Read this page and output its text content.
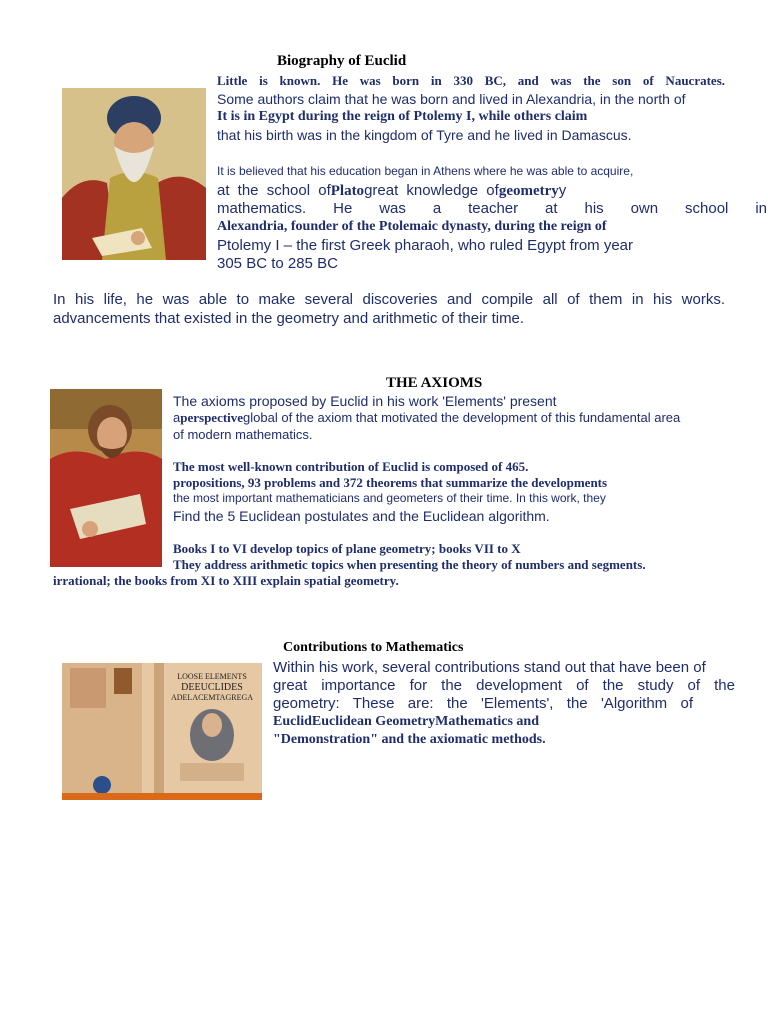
Biography of Euclid
Little is known. He was born in 330 BC, and was the son of Naucrates.
Some authors claim that he was born and lived in Alexandria, in the north of
It is in Egypt during the reign of Ptolemy I, while others claim
that his birth was in the kingdom of Tyre and he lived in Damascus.
It is believed that his education began in Athens where he was able to acquire,
at the school ofPlatogreat knowledge ofgeometryy
mathematics. He was a teacher at his own school in
Alexandria, founder of the Ptolemaic dynasty, during the reign of
Ptolemy I – the first Greek pharaoh, who ruled Egypt from year
305 BC to 285 BC
In his life, he was able to make several discoveries and compile all of them in his works.
advancements that existed in the geometry and arithmetic of their time.
THE AXIOMS
The axioms proposed by Euclid in his work 'Elements' present
aperspectiveglobal of the axiom that motivated the development of this fundamental area
of modern mathematics.
The most well-known contribution of Euclid is composed of 465.
propositions, 93 problems and 372 theorems that summarize the developments
the most important mathematicians and geometers of their time. In this work, they
Find the 5 Euclidean postulates and the Euclidean algorithm.
Books I to VI develop topics of plane geometry; books VII to X
They address arithmetic topics when presenting the theory of numbers and segments.
irrational; the books from XI to XIII explain spatial geometry.
Contributions to Mathematics
LOOSE ELEMENTS
DEEUCLIDES
ADELACEMTAGREGA
Within his work, several contributions stand out that have been of
great importance for the development of the study of the
geometry: These are: the 'Elements', the 'Algorithm of
EuclidEuclidean GeometryMathematics and
"Demonstration" and the axiomatic methods.
